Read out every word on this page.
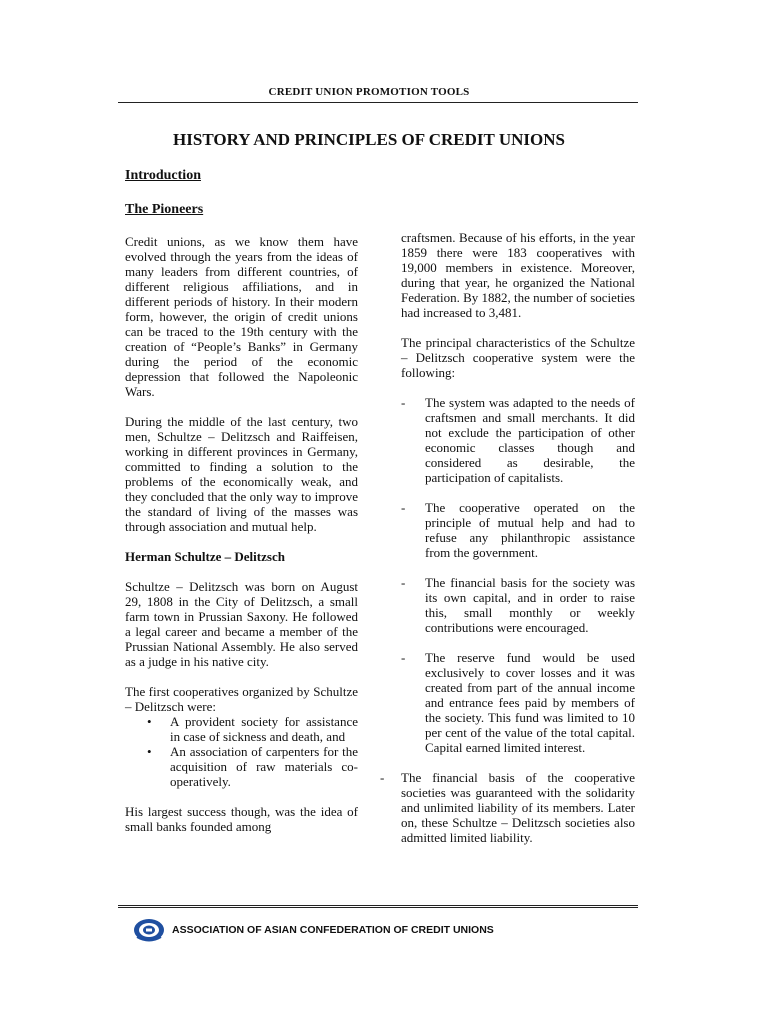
CREDIT UNION PROMOTION TOOLS
HISTORY AND PRINCIPLES OF CREDIT UNIONS
Introduction
The Pioneers

Credit unions, as we know them have evolved through the years from the ideas of many leaders from different countries, of different religious affiliations, and in different periods of history. In their modern form, however, the origin of credit unions can be traced to the 19th century with the creation of “People’s Banks” in Germany during the period of the economic depression that followed the Napoleonic Wars.

During the middle of the last century, two men, Schultze – Delitzsch and Raiffeisen, working in different provinces in Germany, committed to finding a solution to the problems of the economically weak, and they concluded that the only way to improve the standard of living of the masses was through association and mutual help.

Herman Schultze – Delitzsch

Schultze – Delitzsch was born on August 29, 1808 in the City of Delitzsch, a small farm town in Prussian Saxony. He followed a legal career and became a member of the Prussian National Assembly. He also served as a judge in his native city.

The first cooperatives organized by Schultze – Delitzsch were:

• A provident society for assistance in case of sickness and death, and
• An association of carpenters for the acquisition of raw materials co-operatively.

His largest success though, was the idea of small banks founded among

craftsmen. Because of his efforts, in the year 1859 there were 183 cooperatives with 19,000 members in existence. Moreover, during that year, he organized the National Federation. By 1882, the number of societies had increased to 3,481.

The principal characteristics of the Schultze – Delitzsch cooperative system were the following:

- The system was adapted to the needs of craftsmen and small merchants. It did not exclude the participation of other economic classes though and considered as desirable, the participation of capitalists.
- The cooperative operated on the principle of mutual help and had to refuse any philanthropic assistance from the government.
- The financial basis for the society was its own capital, and in order to raise this, small monthly or weekly contributions were encouraged.
- The reserve fund would be used exclusively to cover losses and it was created from part of the annual income and entrance fees paid by members of the society. This fund was limited to 10 per cent of the value of the total capital. Capital earned limited interest.
- The financial basis of the cooperative societies was guaranteed with the solidarity and unlimited liability of its members. Later on, these Schultze – Delitzsch societies also admitted limited liability.
ASSOCIATION OF ASIAN CONFEDERATION OF CREDIT UNIONS
